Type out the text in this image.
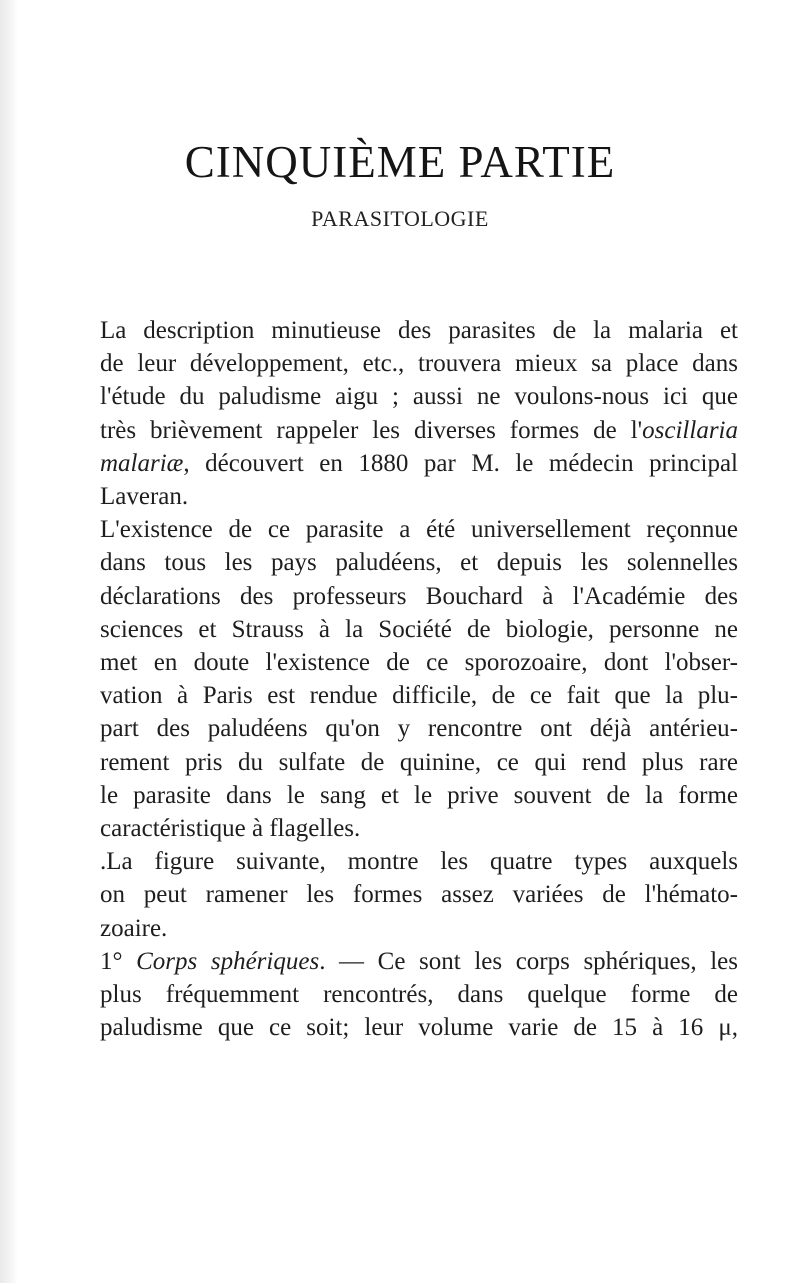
CINQUIÈME PARTIE
PARASITOLOGIE

La description minutieuse des parasites de la malaria et
de leur développement, etc., trouvera mieux sa place dans
l'étude du paludisme aigu ; aussi ne voulons-nous ici que
très brièvement rappeler les diverses formes de l'oscillaria
malariæ, découvert en 1880 par M. le médecin principal
Laveran.

L'existence de ce parasite a été universellement reçonnue
dans tous les pays paludéens, et depuis les solennelles
déclarations des professeurs Bouchard à l'Académie des
sciences et Strauss à la Société de biologie, personne ne
met en doute l'existence de ce sporozoaire, dont l'obser-
vation à Paris est rendue difficile, de ce fait que la plu-
part des paludéens qu'on y rencontre ont déjà antérieu-
rement pris du sulfate de quinine, ce qui rend plus rare
le parasite dans le sang et le prive souvent de la forme
caractéristique à flagelles.

.La figure suivante, montre les quatre types auxquels
on peut ramener les formes assez variées de l'hémato-
zoaire.

1° Corps sphériques. — Ce sont les corps sphériques, les
plus fréquemment rencontrés, dans quelque forme de
paludisme que ce soit; leur volume varie de 15 à 16 μ,
